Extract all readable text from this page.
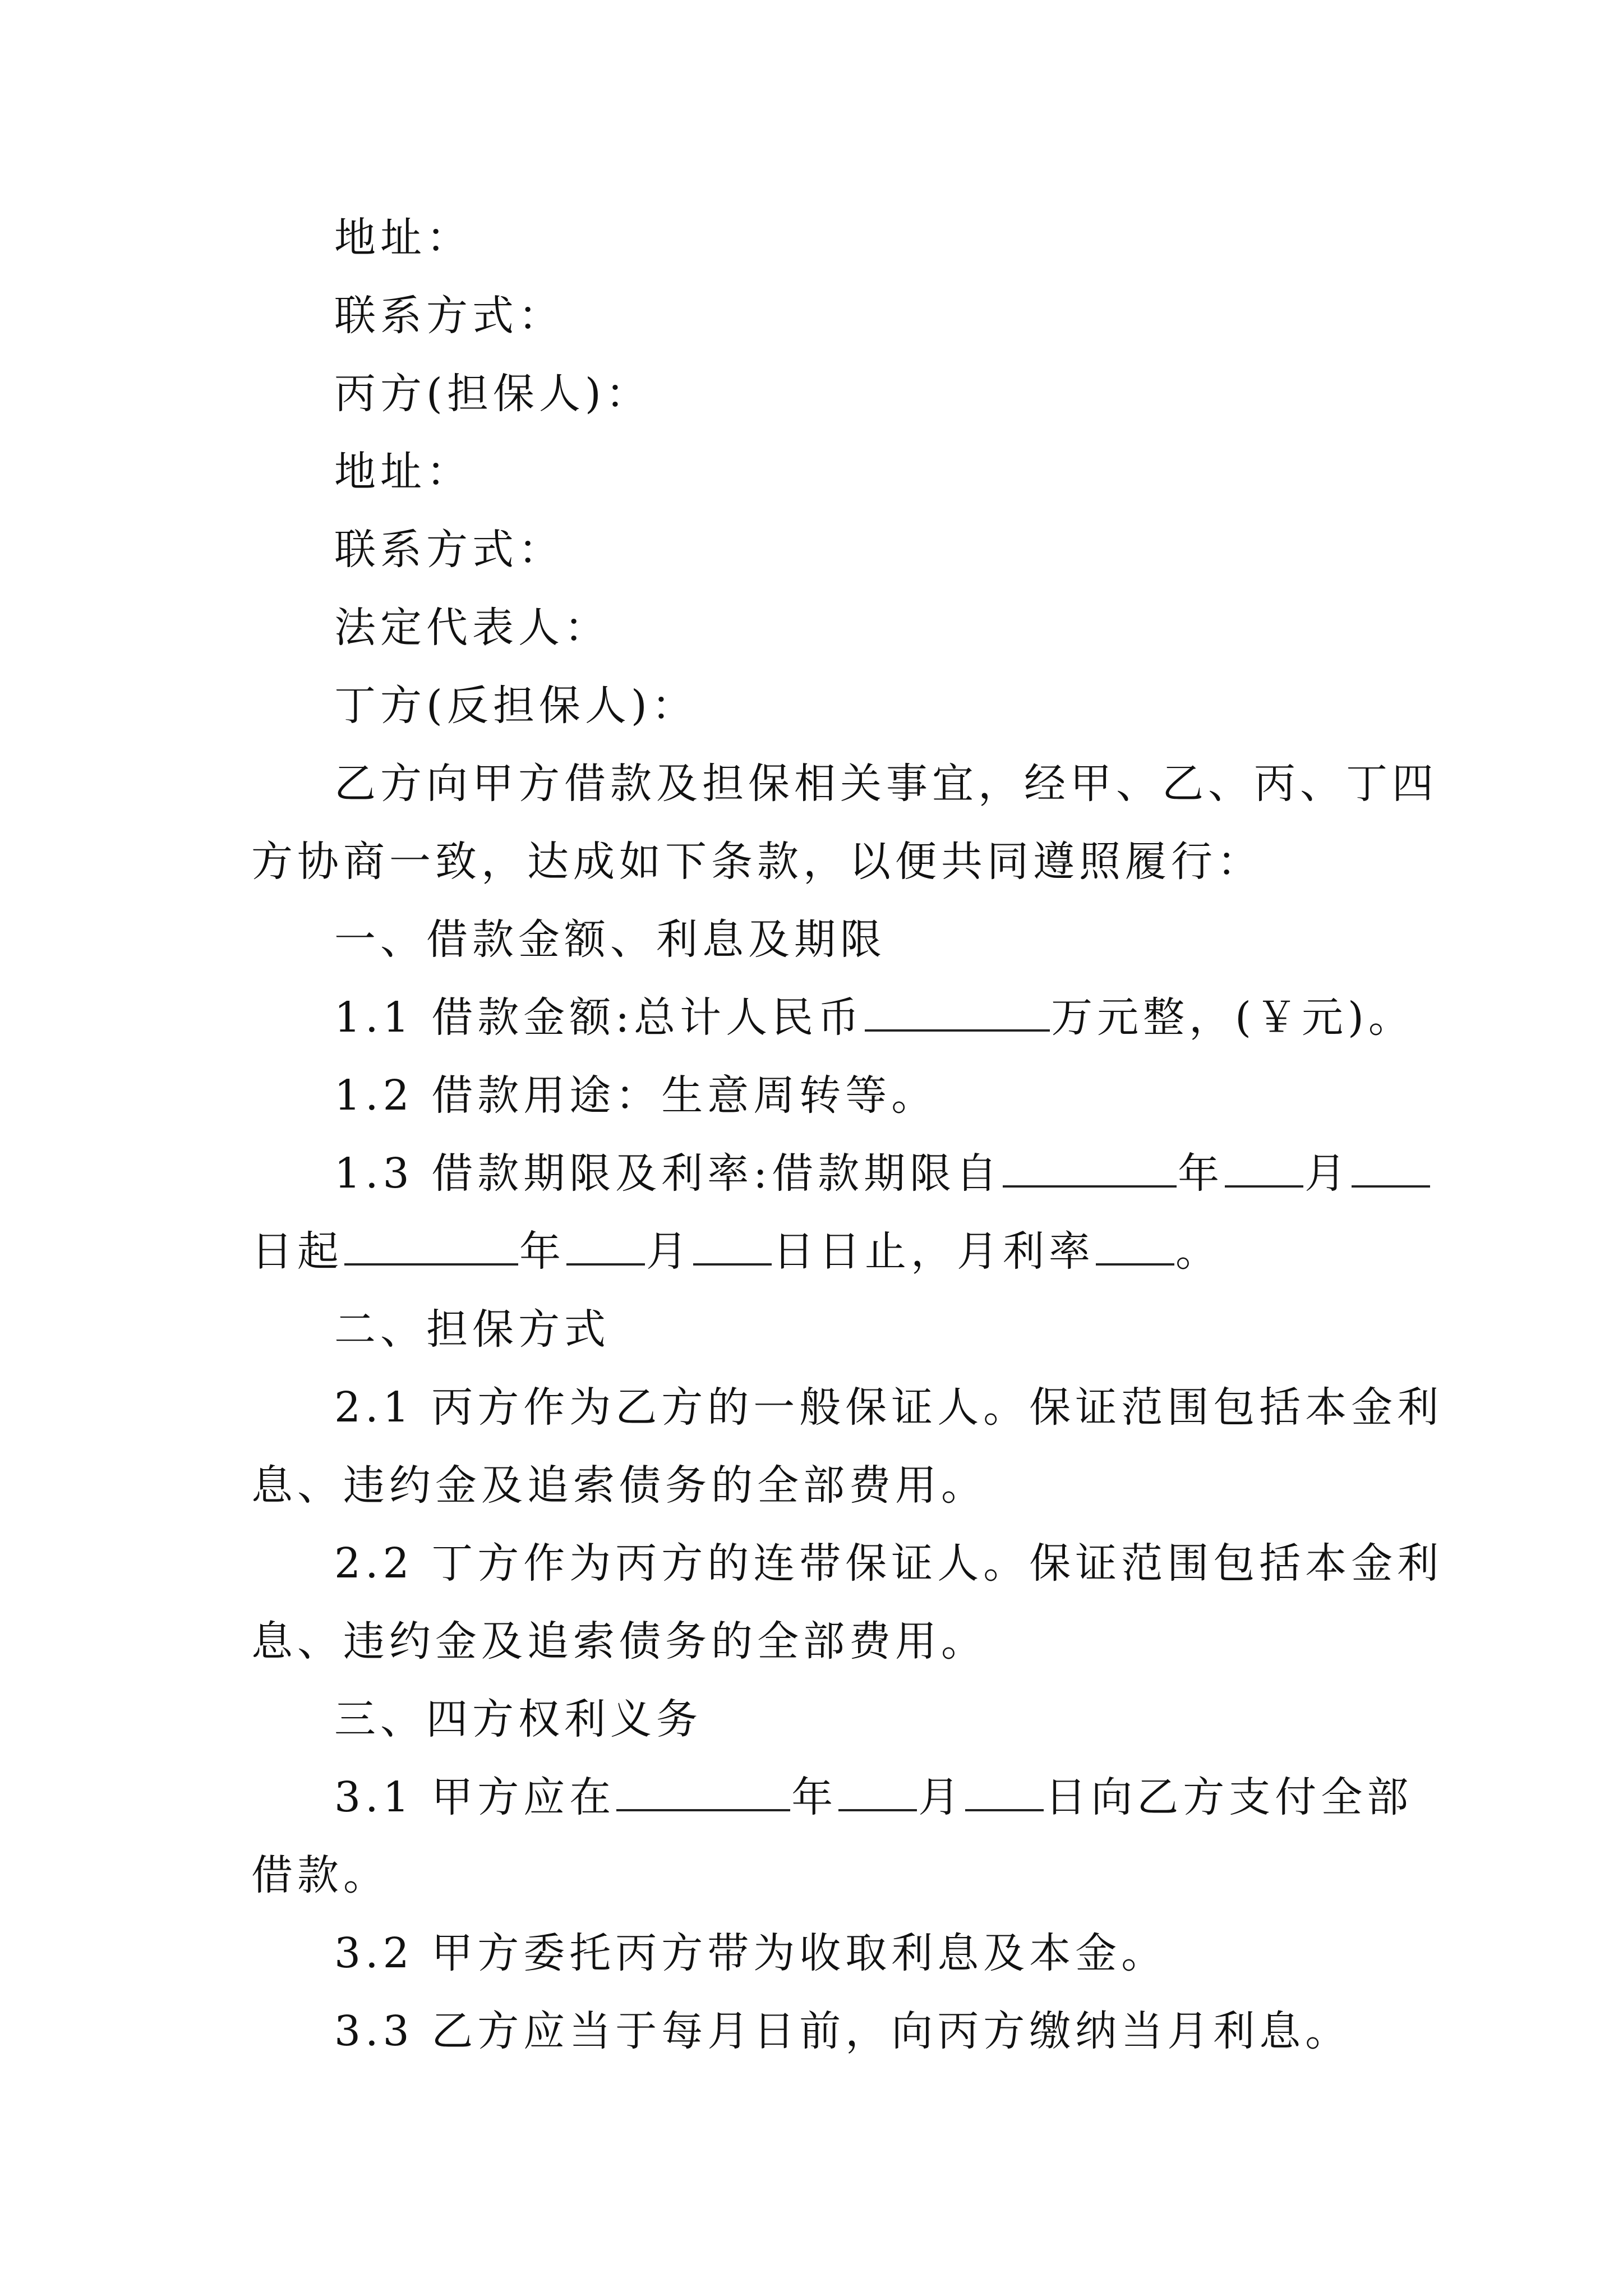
地址：
联系方式：
丙方(担保人)：
地址：
联系方式：
法定代表人：
丁方(反担保人)：
乙方向甲方借款及担保相关事宜，经甲、乙、丙、丁四
方协商一致，达成如下条款，以便共同遵照履行：
一、借款金额、利息及期限
1.1 借款金额:总计人民币	万元整，(￥元)。
1.2 借款用途：生意周转等。
1.3 借款期限及利率:借款期限自	年 月
日起	年 月 日日止，月利率 。
二、担保方式
2.1 丙方作为乙方的一般保证人。保证范围包括本金利
息、违约金及追索债务的全部费用。
2.2 丁方作为丙方的连带保证人。保证范围包括本金利
息、违约金及追索债务的全部费用。
三、四方权利义务
3.1 甲方应在	年 月 日向乙方支付全部
借款。
3.2 甲方委托丙方带为收取利息及本金。
3.3 乙方应当于每月日前，向丙方缴纳当月利息。
